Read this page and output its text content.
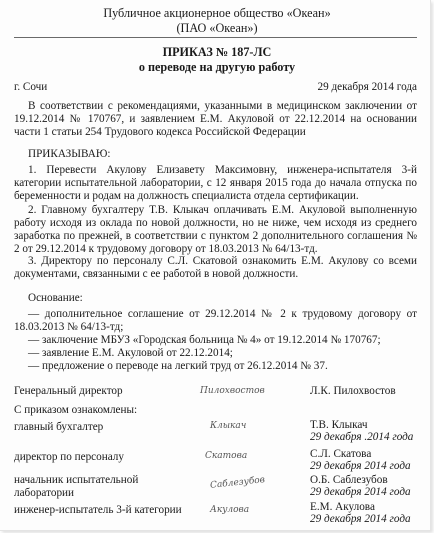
Публичное акционерное общество «Океан»
(ПАО «Океан»)
ПРИКАЗ № 187-ЛС
о переводе на другую работу
г. Сочи	29 декабря 2014 года
В соответствии с рекомендациями, указанными в медицинском заключении от 19.12.2014 № 170767, и заявлением Е.М. Акуловой от 22.12.2014 на основании части 1 статьи 254 Трудового кодекса Российской Федерации
ПРИКАЗЫВАЮ:
1. Перевести Акулову Елизавету Максимовну, инженера-испытателя 3-й категории испытательной лаборатории, с 12 января 2015 года до начала отпуска по беременности и родам на должность специалиста отдела сертификации.
2. Главному бухгалтеру Т.В. Клыкач оплачивать Е.М. Акуловой выполненную работу исходя из оклада по новой должности, но не ниже, чем исходя из среднего заработка по прежней, в соответствии с пунктом 2 дополнительного соглашения № 2 от 29.12.2014 к трудовому договору от 18.03.2013 № 64/13-тд.
3. Директору по персоналу С.Л. Скатовой ознакомить Е.М. Акулову со всеми документами, связанными с ее работой в новой должности.
Основание:
— дополнительное соглашение от 29.12.2014 № 2 к трудовому договору от 18.03.2013 № 64/13-тд;
— заключение МБУЗ «Городская больница № 4» от 19.12.2014 № 170767;
— заявление Е.М. Акуловой от 22.12.2014;
— предложение о переводе на легкий труд от 26.12.2014 № 37.
Генеральный директор	Пилохвостов	Л.К. Пилохвостов
С приказом ознакомлены:
главный бухгалтер	Клыкач	Т.В. Клыкач
29 декабря .2014 года
директор по персоналу	Скатова	С.Л. Скатова
29 декабря 2014 года
начальник испытательной
лаборатории
Саблезубов	О.Б. Саблезубов
29 декабря 2014 года
инженер-испытатель 3-й категории	Акулова	Е.М. Акулова
29 декабря 2014 года
